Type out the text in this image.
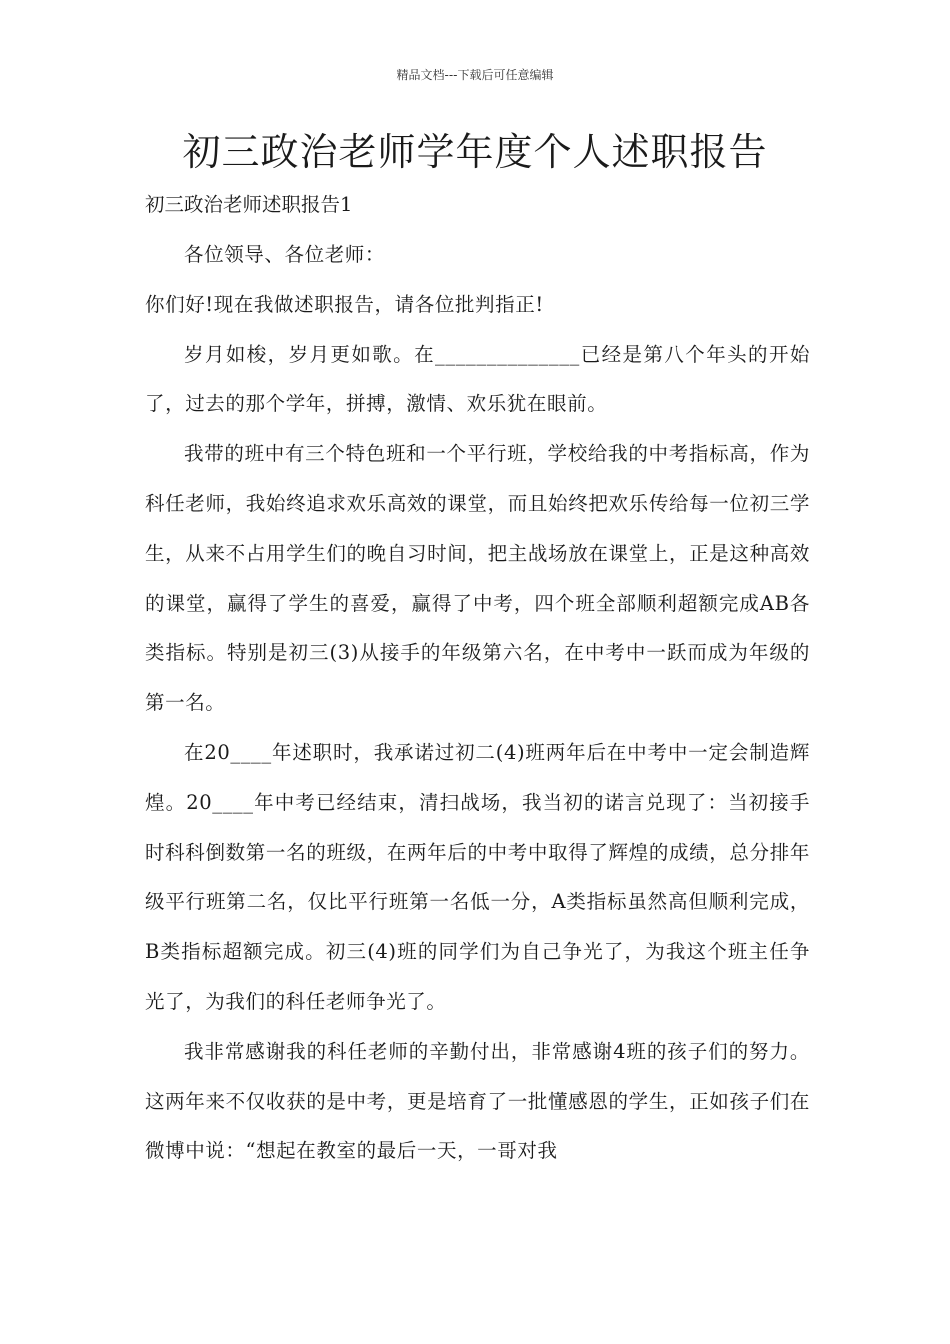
精品文档---下载后可任意编辑
初三政治老师学年度个人述职报告

初三政治老师述职报告1

各位领导、各位老师：

你们好!现在我做述职报告，请各位批判指正!

岁月如梭，岁月更如歌。在______________已经是第八个年头的开始了，过去的那个学年，拼搏，激情、欢乐犹在眼前。

我带的班中有三个特色班和一个平行班，学校给我的中考指标高，作为科任老师，我始终追求欢乐高效的课堂，而且始终把欢乐传给每一位初三学生，从来不占用学生们的晚自习时间，把主战场放在课堂上，正是这种高效的课堂，赢得了学生的喜爱，赢得了中考，四个班全部顺利超额完成AB各类指标。特别是初三(3)从接手的年级第六名，在中考中一跃而成为年级的第一名。

在20____年述职时，我承诺过初二(4)班两年后在中考中一定会制造辉煌。20____年中考已经结束，清扫战场，我当初的诺言兑现了：当初接手时科科倒数第一名的班级，在两年后的中考中取得了辉煌的成绩，总分排年级平行班第二名，仅比平行班第一名低一分，A类指标虽然高但顺利完成，B类指标超额完成。初三(4)班的同学们为自己争光了，为我这个班主任争光了，为我们的科任老师争光了。

我非常感谢我的科任老师的辛勤付出，非常感谢4班的孩子们的努力。这两年来不仅收获的是中考，更是培育了一批懂感恩的学生，正如孩子们在微博中说：“想起在教室的最后一天，一哥对我
